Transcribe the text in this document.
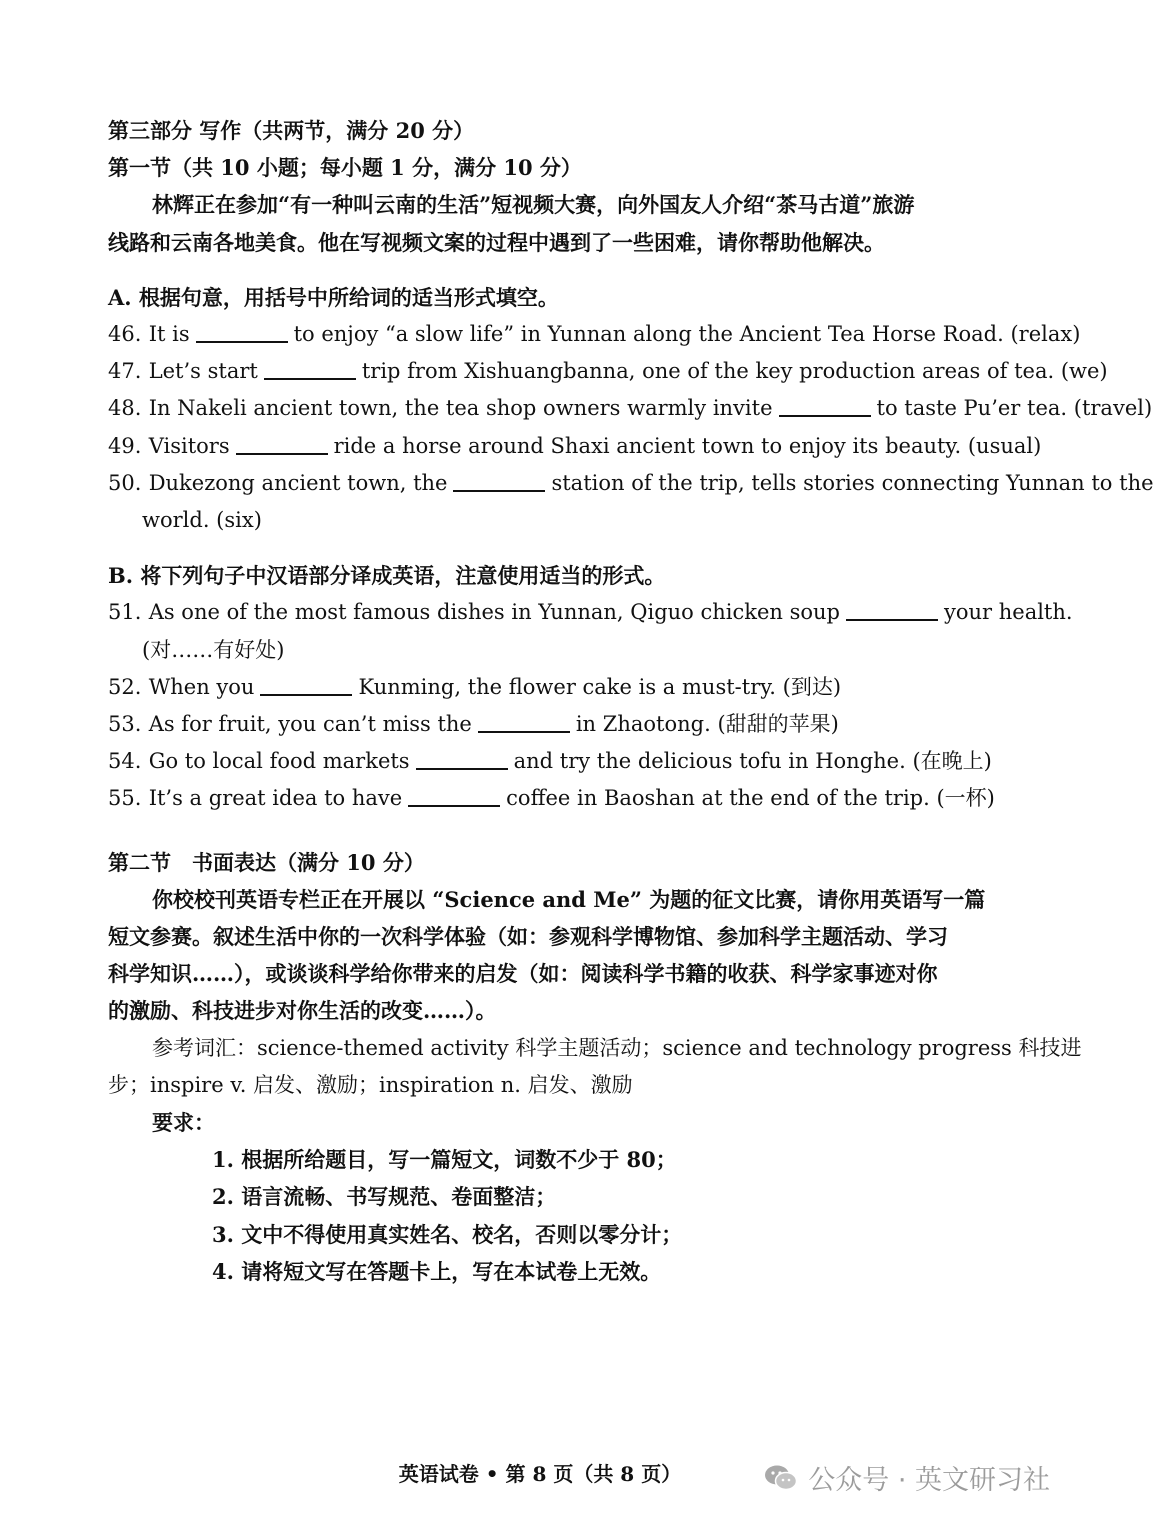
第三部分 写作（共两节，满分 20 分）
第一节（共 10 小题；每小题 1 分，满分 10 分）
林辉正在参加“有一种叫云南的生活”短视频大赛，向外国友人介绍“茶马古道”旅游
线路和云南各地美食。他在写视频文案的过程中遇到了一些困难，请你帮助他解决。
A. 根据句意，用括号中所给词的适当形式填空。
46. It is	to enjoy “a slow life” in Yunnan along the Ancient Tea Horse Road. (relax)
47. Let’s start	trip from Xishuangbanna, one of the key production areas of tea. (we)
48. In Nakeli ancient town, the tea shop owners warmly invite	to taste Pu’er tea. (travel)
49. Visitors	ride a horse around Shaxi ancient town to enjoy its beauty. (usual)
50. Dukezong ancient town, the	station of the trip, tells stories connecting Yunnan to the
world. (six)
B. 将下列句子中汉语部分译成英语，注意使用适当的形式。
51. As one of the most famous dishes in Yunnan, Qiguo chicken soup	your health.
(对……有好处)
52. When you	Kunming, the flower cake is a must-try. (到达)
53. As for fruit, you can’t miss the	in Zhaotong. (甜甜的苹果)
54. Go to local food markets	and try the delicious tofu in Honghe. (在晚上)
55. It’s a great idea to have	coffee in Baoshan at the end of the trip. (一杯)
第二节　书面表达（满分 10 分）
你校校刊英语专栏正在开展以 “Science and Me” 为题的征文比赛，请你用英语写一篇
短文参赛。叙述生活中你的一次科学体验（如：参观科学博物馆、参加科学主题活动、学习
科学知识……），或谈谈科学给你带来的启发（如：阅读科学书籍的收获、科学家事迹对你
的激励、科技进步对你生活的改变……）。
参考词汇：science-themed activity 科学主题活动；science and technology progress 科技进
步；inspire v. 启发、激励；inspiration n. 启发、激励
要求：
1. 根据所给题目，写一篇短文，词数不少于 80；
2. 语言流畅、书写规范、卷面整洁；
3. 文中不得使用真实姓名、校名，否则以零分计；
4. 请将短文写在答题卡上，写在本试卷上无效。
英语试卷 • 第 8 页（共 8 页）	公众号 · 英文研习社
